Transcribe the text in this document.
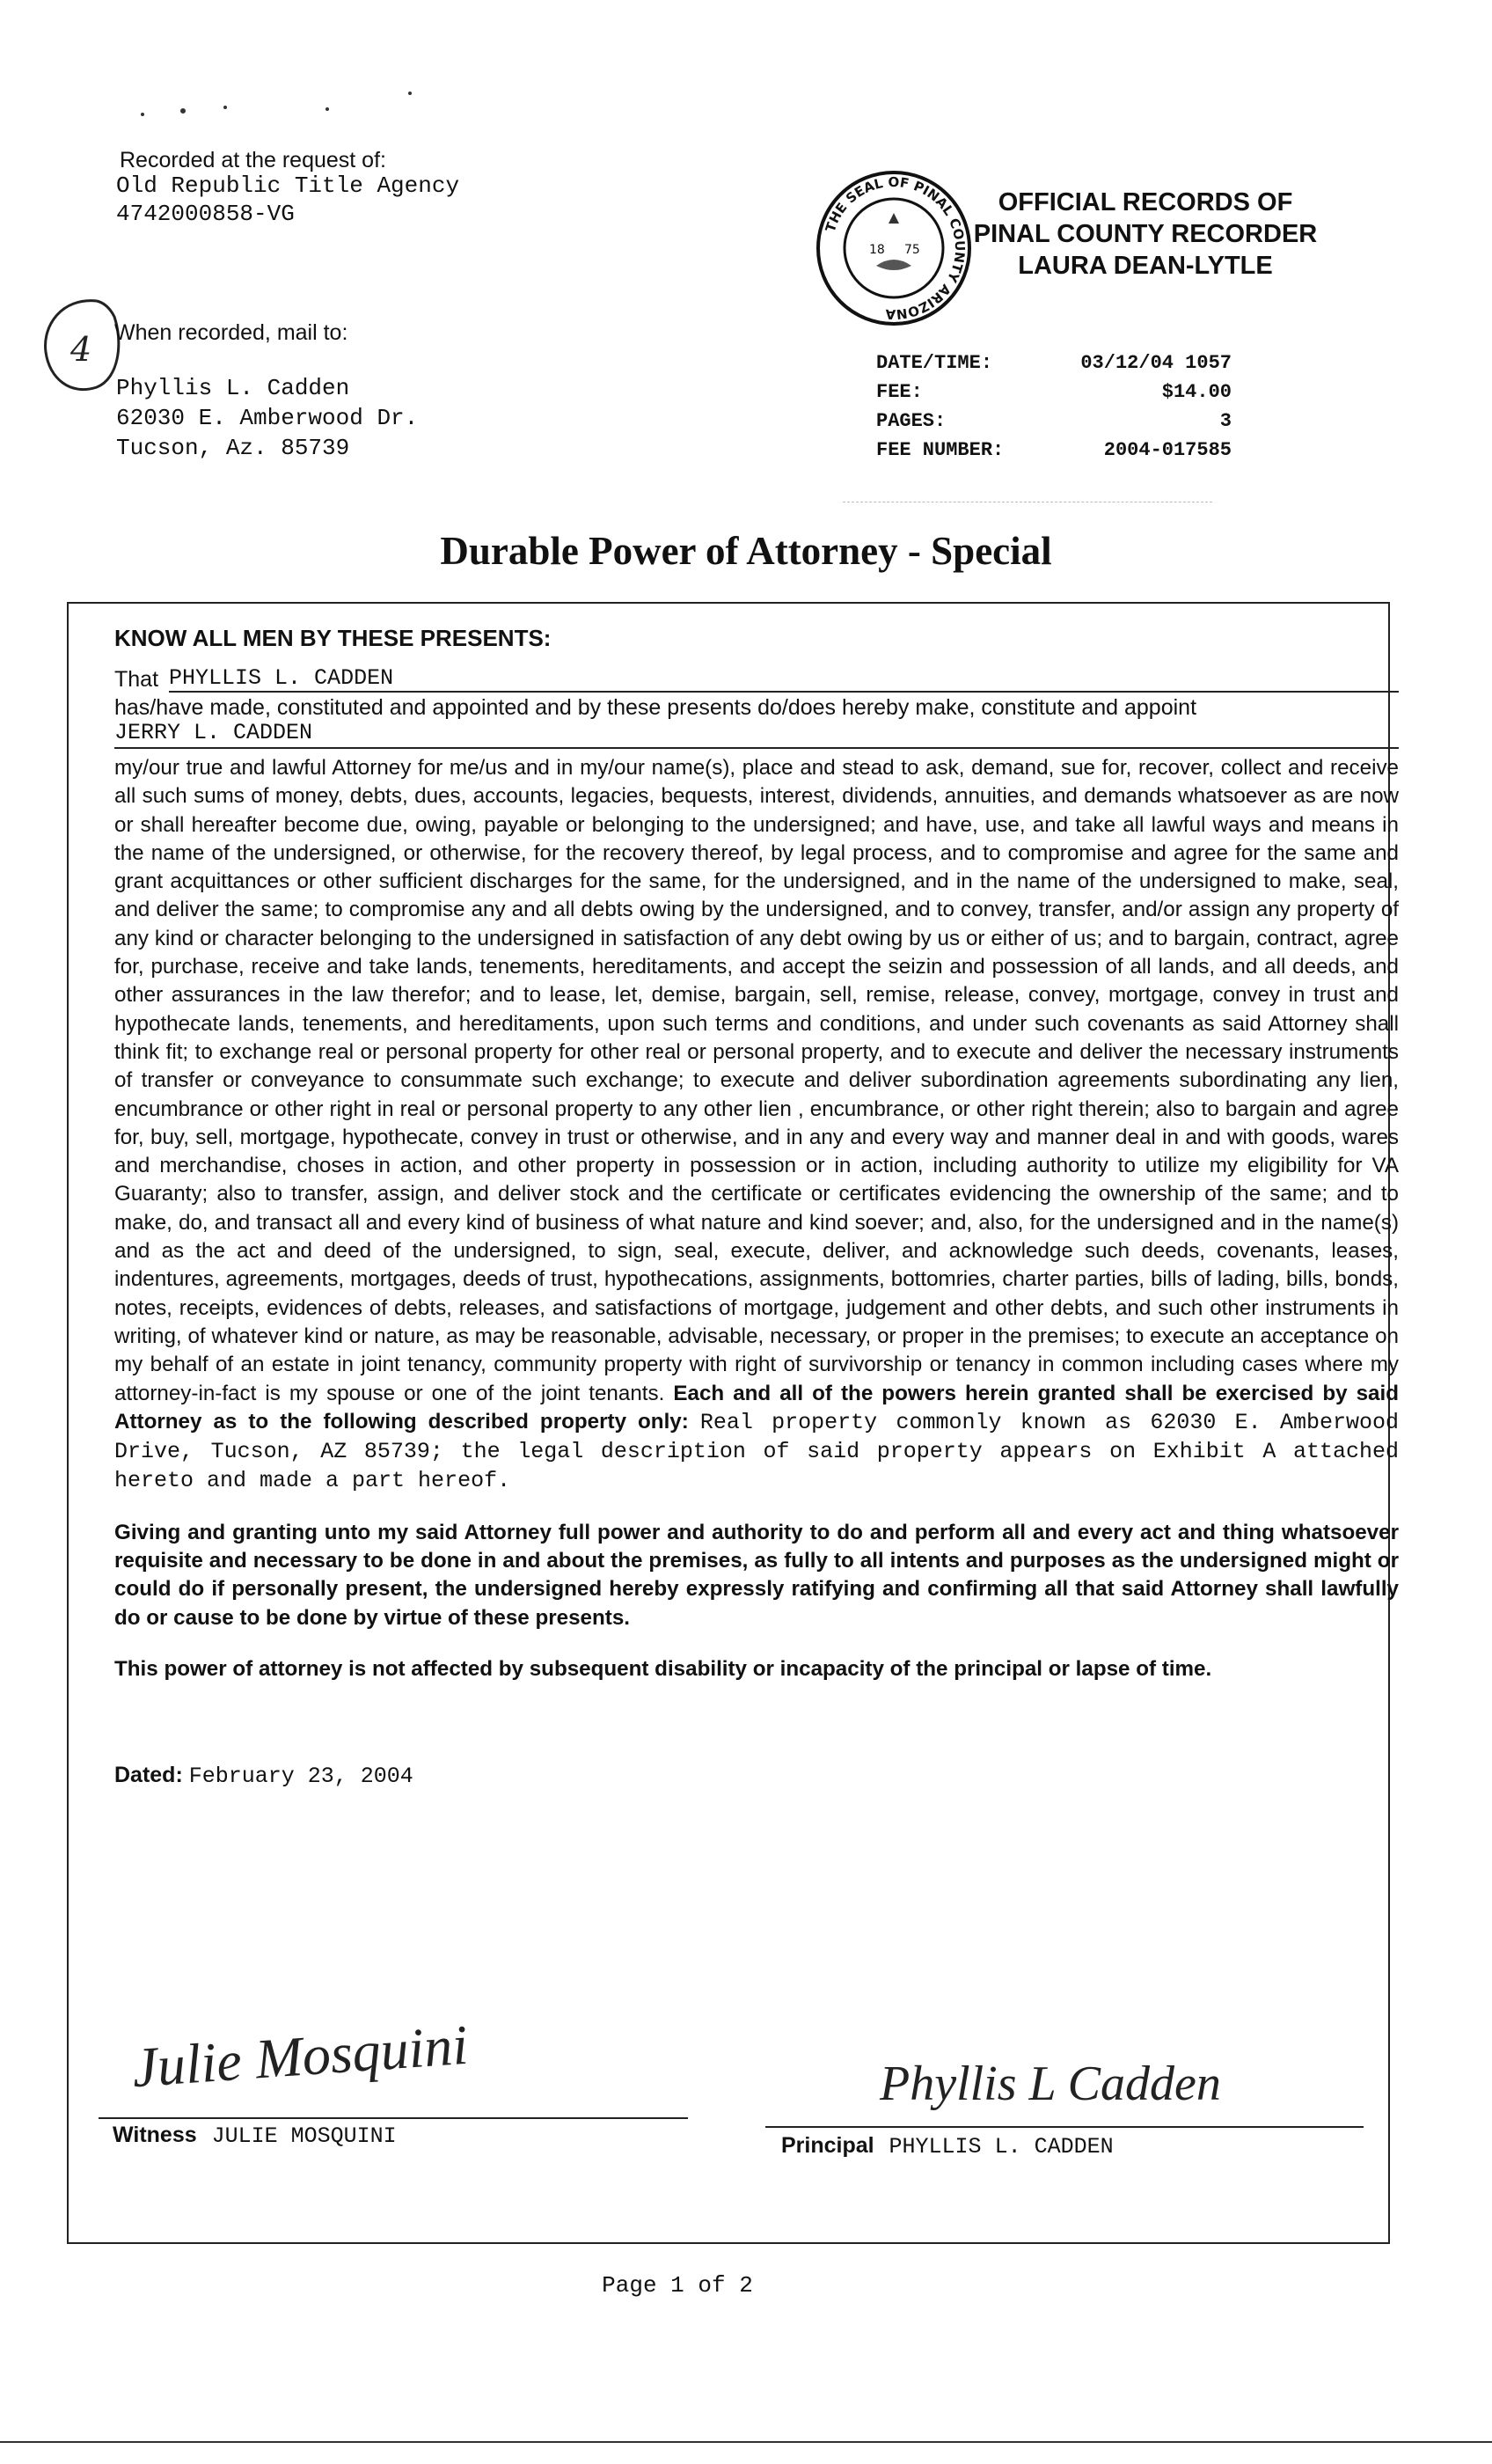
Recorded at the request of:
Old Republic Title Agency
4742000858-VG
4 When recorded, mail to:
Phyllis L. Cadden
62030 E. Amberwood Dr.
Tucson, Az. 85739
THE SEAL OF PINAL COUNTY ARIZONA
18 75
OFFICIAL RECORDS OF
PINAL COUNTY RECORDER
LAURA DEAN-LYTLE
DATE/TIME:	03/12/04 1057
FEE:	$14.00
PAGES:	3
FEE NUMBER:	2004-017585
Durable Power of Attorney - Special
KNOW ALL MEN BY THESE PRESENTS:
That PHYLLIS L. CADDEN
has/have made, constituted and appointed and by these presents do/does hereby make, constitute and appoint
JERRY L. CADDEN
my/our true and lawful Attorney for me/us and in my/our name(s), place and stead to ask, demand, sue for, recover, collect and receive all such sums of money, debts, dues, accounts, legacies, bequests, interest, dividends, annuities, and demands whatsoever as are now or shall hereafter become due, owing, payable or belonging to the undersigned; and have, use, and take all lawful ways and means in the name of the undersigned, or otherwise, for the recovery thereof, by legal process, and to compromise and agree for the same and grant acquittances or other sufficient discharges for the same, for the undersigned, and in the name of the undersigned to make, seal, and deliver the same; to compromise any and all debts owing by the undersigned, and to convey, transfer, and/or assign any property of any kind or character belonging to the undersigned in satisfaction of any debt owing by us or either of us; and to bargain, contract, agree for, purchase, receive and take lands, tenements, hereditaments, and accept the seizin and possession of all lands, and all deeds, and other assurances in the law therefor; and to lease, let, demise, bargain, sell, remise, release, convey, mortgage, convey in trust and hypothecate lands, tenements, and hereditaments, upon such terms and conditions, and under such covenants as said Attorney shall think fit; to exchange real or personal property for other real or personal property, and to execute and deliver the necessary instruments of transfer or conveyance to consummate such exchange; to execute and deliver subordination agreements subordinating any lien, encumbrance or other right in real or personal property to any other lien , encumbrance, or other right therein; also to bargain and agree for, buy, sell, mortgage, hypothecate, convey in trust or otherwise, and in any and every way and manner deal in and with goods, wares and merchandise, choses in action, and other property in possession or in action, including authority to utilize my eligibility for VA Guaranty; also to transfer, assign, and deliver stock and the certificate or certificates evidencing the ownership of the same; and to make, do, and transact all and every kind of business of what nature and kind soever; and, also, for the undersigned and in the name(s) and as the act and deed of the undersigned, to sign, seal, execute, deliver, and acknowledge such deeds, covenants, leases, indentures, agreements, mortgages, deeds of trust, hypothecations, assignments, bottomries, charter parties, bills of lading, bills, bonds, notes, receipts, evidences of debts, releases, and satisfactions of mortgage, judgement and other debts, and such other instruments in writing, of whatever kind or nature, as may be reasonable, advisable, necessary, or proper in the premises; to execute an acceptance on my behalf of an estate in joint tenancy, community property with right of survivorship or tenancy in common including cases where my attorney-in-fact is my spouse or one of the joint tenants. Each and all of the powers herein granted shall be exercised by said Attorney as to the following described property only: Real property commonly known as 62030 E. Amberwood Drive, Tucson, AZ 85739; the legal description of said property appears on Exhibit A attached hereto and made a part hereof.
Giving and granting unto my said Attorney full power and authority to do and perform all and every act and thing whatsoever requisite and necessary to be done in and about the premises, as fully to all intents and purposes as the undersigned might or could do if personally present, the undersigned hereby expressly ratifying and confirming all that said Attorney shall lawfully do or cause to be done by virtue of these presents.
This power of attorney is not affected by subsequent disability or incapacity of the principal or lapse of time.
Dated: February 23, 2004
Julie Mosquini
Witness JULIE MOSQUINI
Phyllis L Cadden
Principal PHYLLIS L. CADDEN
Page 1 of 2
